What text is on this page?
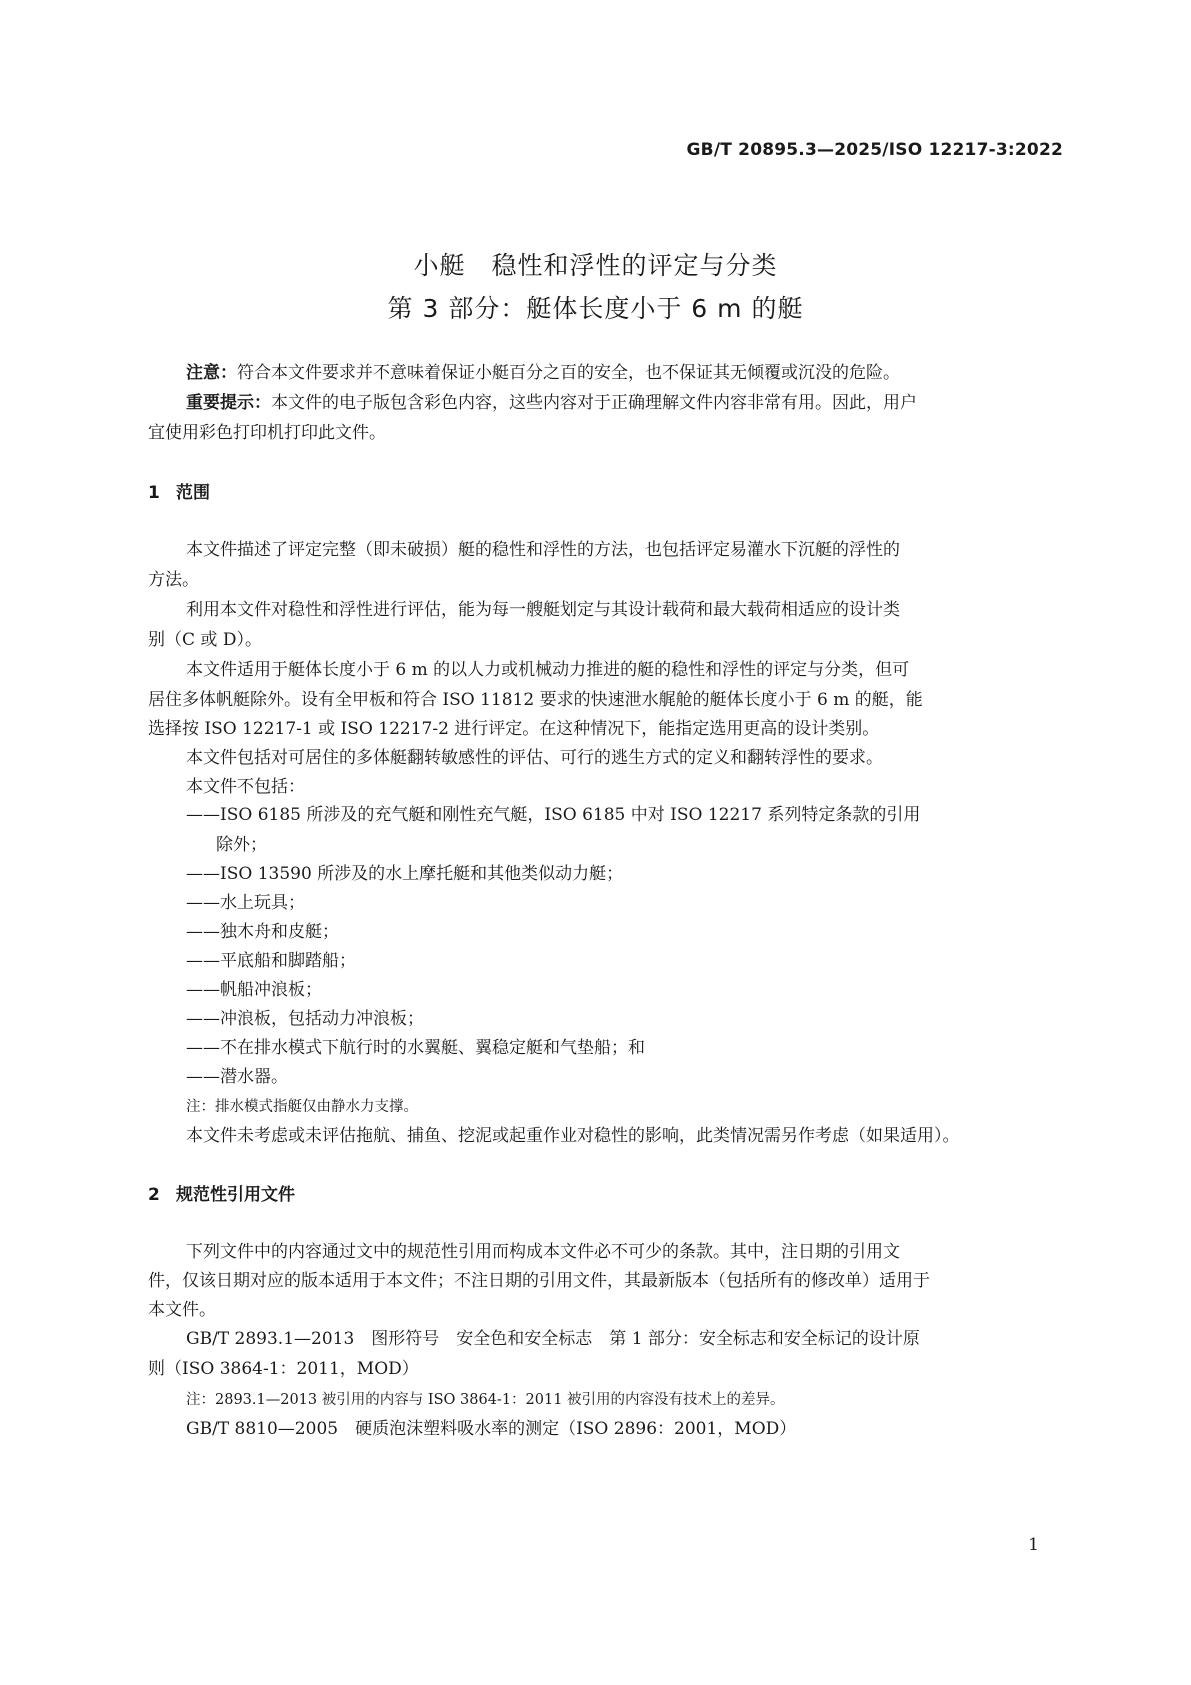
GB/T 20895.3—2025/ISO 12217-3:2022
小艇　稳性和浮性的评定与分类
第 3 部分：艇体长度小于 6 m 的艇
注意：符合本文件要求并不意味着保证小艇百分之百的安全，也不保证其无倾覆或沉没的危险。
重要提示：本文件的电子版包含彩色内容，这些内容对于正确理解文件内容非常有用。因此，用户
宜使用彩色打印机打印此文件。
1 范围
本文件描述了评定完整（即未破损）艇的稳性和浮性的方法，也包括评定易灌水下沉艇的浮性的
方法。
利用本文件对稳性和浮性进行评估，能为每一艘艇划定与其设计载荷和最大载荷相适应的设计类
别（C 或 D）。
本文件适用于艇体长度小于 6 m 的以人力或机械动力推进的艇的稳性和浮性的评定与分类，但可
居住多体帆艇除外。设有全甲板和符合 ISO 11812 要求的快速泄水艉舱的艇体长度小于 6 m 的艇，能
选择按 ISO 12217-1 或 ISO 12217-2 进行评定。在这种情况下，能指定选用更高的设计类别。
本文件包括对可居住的多体艇翻转敏感性的评估、可行的逃生方式的定义和翻转浮性的要求。
本文件不包括：
——ISO 6185 所涉及的充气艇和刚性充气艇，ISO 6185 中对 ISO 12217 系列特定条款的引用
除外；
——ISO 13590 所涉及的水上摩托艇和其他类似动力艇；
——水上玩具；
——独木舟和皮艇；
——平底船和脚踏船；
——帆船冲浪板；
——冲浪板，包括动力冲浪板；
——不在排水模式下航行时的水翼艇、翼稳定艇和气垫船；和
——潜水器。
注：排水模式指艇仅由静水力支撑。
本文件未考虑或未评估拖航、捕鱼、挖泥或起重作业对稳性的影响，此类情况需另作考虑（如果适用）。
2 规范性引用文件
下列文件中的内容通过文中的规范性引用而构成本文件必不可少的条款。其中，注日期的引用文
件，仅该日期对应的版本适用于本文件；不注日期的引用文件，其最新版本（包括所有的修改单）适用于
本文件。
GB/T 2893.1—2013　图形符号　安全色和安全标志　第 1 部分：安全标志和安全标记的设计原
则（ISO 3864-1：2011，MOD）
注：2893.1—2013 被引用的内容与 ISO 3864-1：2011 被引用的内容没有技术上的差异。
GB/T 8810—2005　硬质泡沫塑料吸水率的测定（ISO 2896：2001，MOD）
1
